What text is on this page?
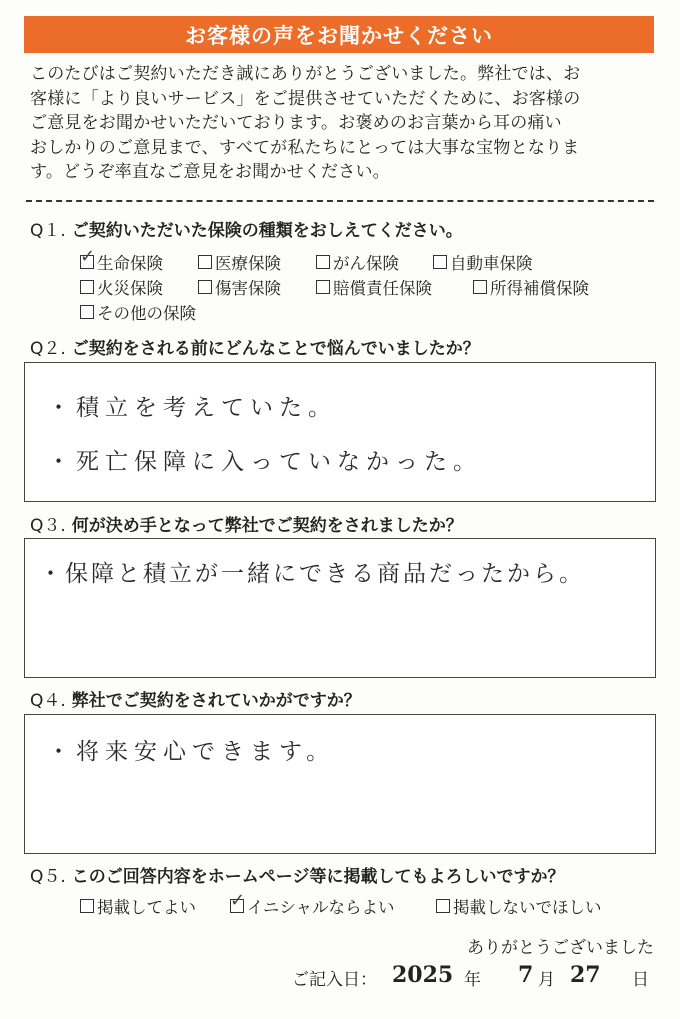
お客様の声をお聞かせください
このたびはご契約いただき誠にありがとうございました。弊社では、お
客様に「より良いサービス」をご提供させていただくために、お客様の
ご意見をお聞かせいただいております。お褒めのお言葉から耳の痛い
おしかりのご意見まで、すべてが私たちにとっては大事な宝物となりま
す。どうぞ率直なご意見をお聞かせください。
Q１. ご契約いただいた保険の種類をおしえてください。
✓ 生命保険	医療保険	がん保険	自動車保険
火災保険	傷害保険	賠償責任保険	所得補償保険
その他の保険
Q２. ご契約をされる前にどんなことで悩んでいましたか？
・積立を考えていた。
・死亡保障に入っていなかった。
Q３. 何が決め手となって弊社でご契約をされましたか？
・保障と積立が一緒にできる商品だったから。
Q４. 弊社でご契約をされていかがですか？
・将来安心できます。
Q５. このご回答内容をホームページ等に掲載してもよろしいですか？
掲載してよい ✓ イニシャルならよい	掲載しないでほしい
ありがとうございました
ご記入日： 2025 年 7 月 27 日
